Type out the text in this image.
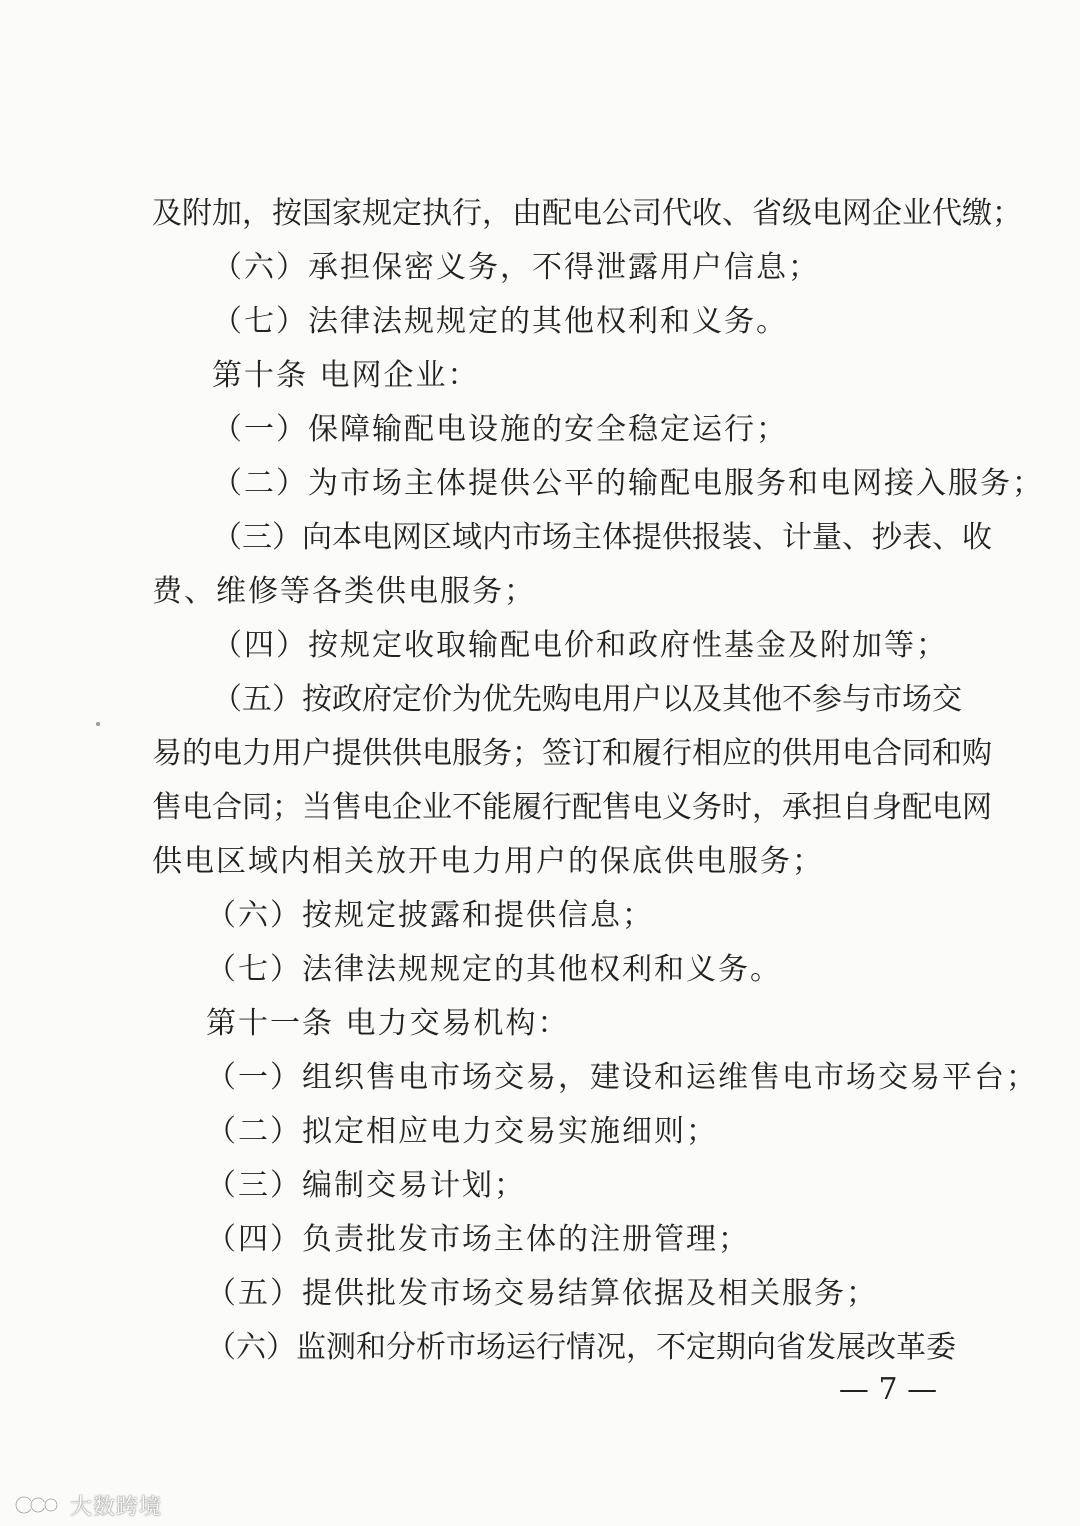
及附加，按国家规定执行，由配电公司代收、省级电网企业代缴；
（六）承担保密义务，不得泄露用户信息；
（七）法律法规规定的其他权利和义务。
第十条 电网企业：
（一）保障输配电设施的安全稳定运行；
（二）为市场主体提供公平的输配电服务和电网接入服务；
（三）向本电网区域内市场主体提供报装、计量、抄表、收
费、维修等各类供电服务；
（四）按规定收取输配电价和政府性基金及附加等；
（五）按政府定价为优先购电用户以及其他不参与市场交
易的电力用户提供供电服务；签订和履行相应的供用电合同和购
售电合同；当售电企业不能履行配售电义务时，承担自身配电网
供电区域内相关放开电力用户的保底供电服务；
（六）按规定披露和提供信息；
（七）法律法规规定的其他权利和义务。
第十一条 电力交易机构：
（一）组织售电市场交易，建设和运维售电市场交易平台；
（二）拟定相应电力交易实施细则；
（三）编制交易计划；
（四）负责批发市场主体的注册管理；
（五）提供批发市场交易结算依据及相关服务；
（六）监测和分析市场运行情况，不定期向省发展改革委
— 7 —
大数跨境
